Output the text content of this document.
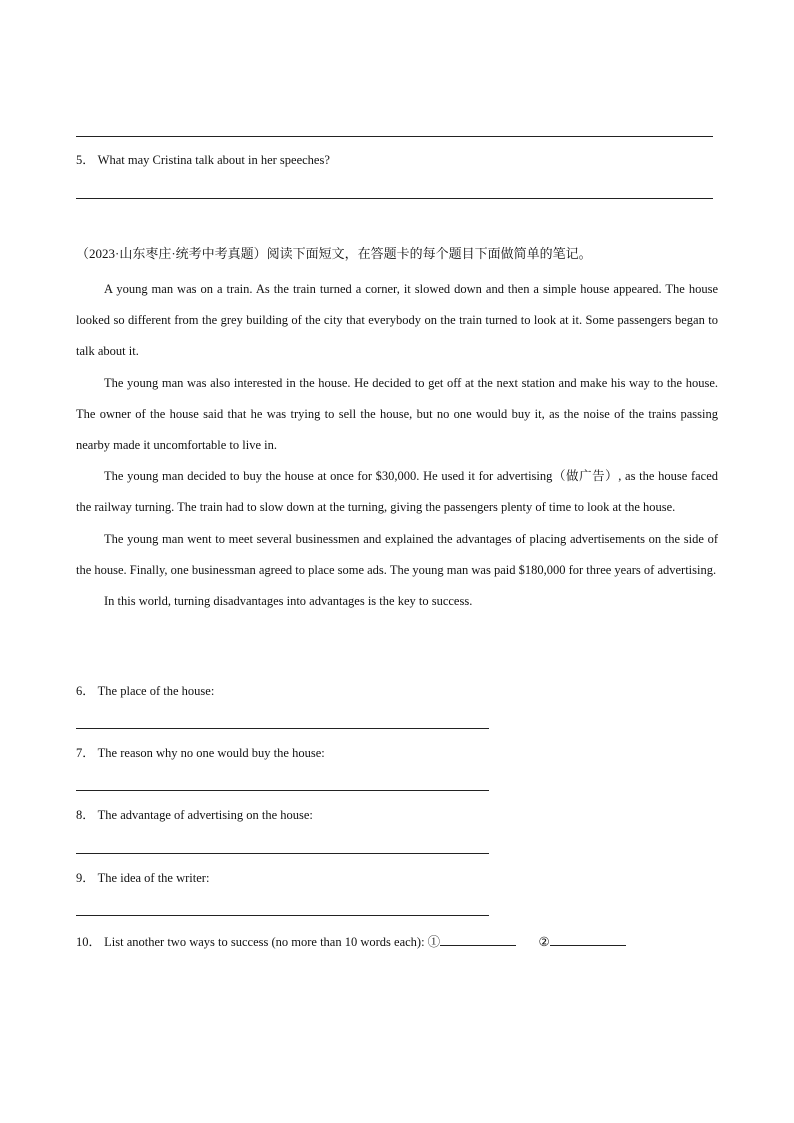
5． What may Cristina talk about in her speeches?
（2023·山东枣庄·统考中考真题）阅读下面短文，在答题卡的每个题目下面做简单的笔记。

A young man was on a train. As the train turned a corner, it slowed down and then a simple house appeared. The house looked so different from the grey building of the city that everybody on the train turned to look at it. Some passengers began to talk about it.

The young man was also interested in the house. He decided to get off at the next station and make his way to the house. The owner of the house said that he was trying to sell the house, but no one would buy it, as the noise of the trains passing nearby made it uncomfortable to live in.

The young man decided to buy the house at once for $30,000. He used it for advertising（做广告）, as the house faced the railway turning. The train had to slow down at the turning, giving the passengers plenty of time to look at the house.

The young man went to meet several businessmen and explained the advantages of placing advertisements on the side of the house. Finally, one businessman agreed to place some ads. The young man was paid $180,000 for three years of advertising.

In this world, turning disadvantages into advantages is the key to success.

6． The place of the house:
7． The reason why no one would buy the house:
8． The advantage of advertising on the house:
9． The idea of the writer:
10． List another two ways to success (no more than 10 words each): ①	②
